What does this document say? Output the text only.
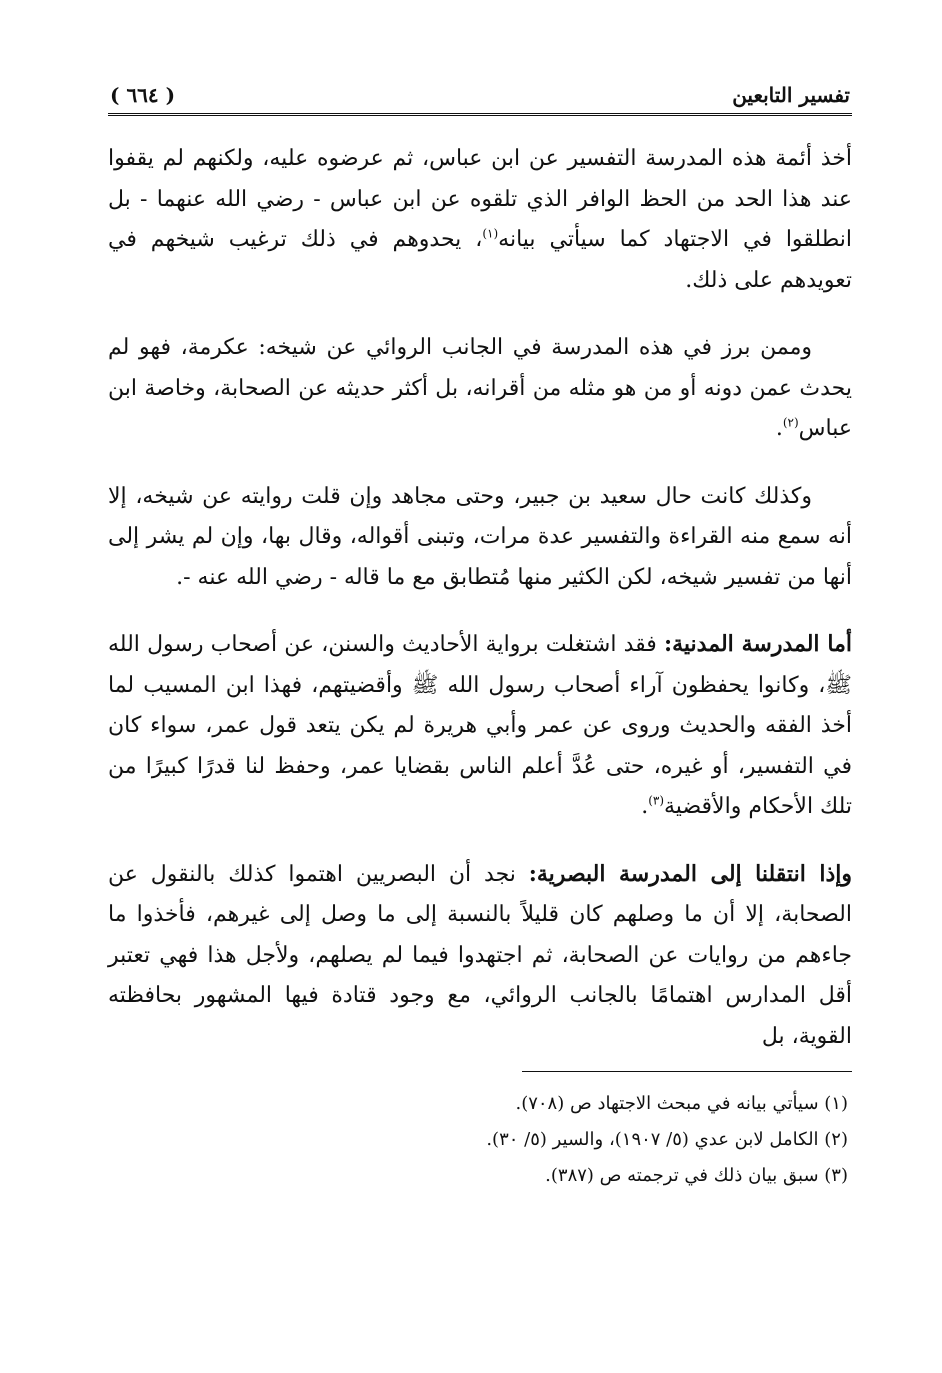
تفسير التابعين
( ٦٦٤ )

أخذ أئمة هذه المدرسة التفسير عن ابن عباس، ثم عرضوه عليه، ولكنهم لم يقفوا عند هذا الحد من الحظ الوافر الذي تلقوه عن ابن عباس - رضي الله عنهما - بل انطلقوا في الاجتهاد كما سيأتي بيانه$^{(١)}$، يحدوهم في ذلك ترغيب شيخهم في تعويدهم على ذلك.

وممن برز في هذه المدرسة في الجانب الروائي عن شيخه: عكرمة، فهو لم يحدث عمن دونه أو من هو مثله من أقرانه، بل أكثر حديثه عن الصحابة، وخاصة ابن عباس$^{(٢)}$.

وكذلك كانت حال سعيد بن جبير، وحتى مجاهد وإن قلت روايته عن شيخه، إلا أنه سمع منه القراءة والتفسير عدة مرات، وتبنى أقواله، وقال بها، وإن لم يشر إلى أنها من تفسير شيخه، لكن الكثير منها مُتطابق مع ما قاله - رضي الله عنه -.

أما المدرسة المدنية: فقد اشتغلت برواية الأحاديث والسنن، عن أصحاب رسول الله ﷺ، وكانوا يحفظون آراء أصحاب رسول الله ﷺ وأقضيتهم، فهذا ابن المسيب لما أخذ الفقه والحديث وروى عن عمر وأبي هريرة لم يكن يتعد قول عمر، سواء كان في التفسير، أو غيره، حتى عُدَّ أعلم الناس بقضايا عمر، وحفظ لنا قدرًا كبيرًا من تلك الأحكام والأقضية$^{(٣)}$.

وإذا انتقلنا إلى المدرسة البصرية: نجد أن البصريين اهتموا كذلك بالنقول عن الصحابة، إلا أن ما وصلهم كان قليلاً بالنسبة إلى ما وصل إلى غيرهم، فأخذوا ما جاءهم من روايات عن الصحابة، ثم اجتهدوا فيما لم يصلهم، ولأجل هذا فهي تعتبر أقل المدارس اهتمامًا بالجانب الروائي، مع وجود قتادة فيها المشهور بحافظته القوية، بل

(١) سيأتي بيانه في مبحث الاجتهاد ص (٧٠٨).
(٢) الكامل لابن عدي (٥/ ١٩٠٧)، والسير (٥/ ٣٠).
(٣) سبق بيان ذلك في ترجمته ص (٣٨٧).
